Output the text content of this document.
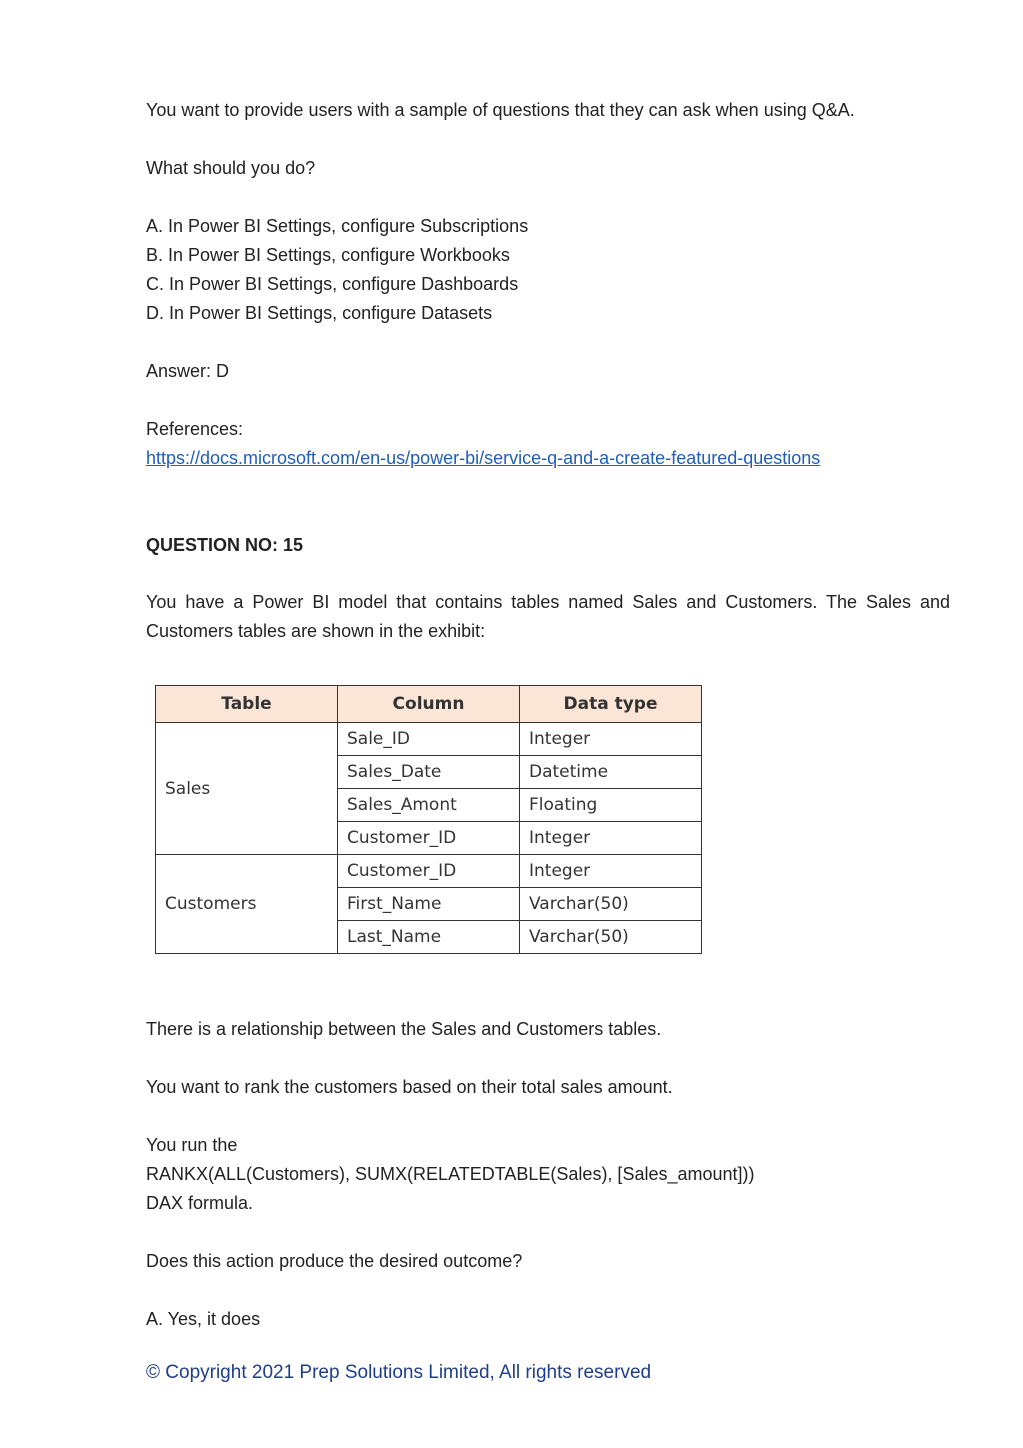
You want to provide users with a sample of questions that they can ask when using Q&A.
What should you do?
A. In Power BI Settings, configure Subscriptions
B. In Power BI Settings, configure Workbooks
C. In Power BI Settings, configure Dashboards
D. In Power BI Settings, configure Datasets
Answer: D
References:
https://docs.microsoft.com/en-us/power-bi/service-q-and-a-create-featured-questions
QUESTION NO: 15
You have a Power BI model that contains tables named Sales and Customers. The Sales and Customers tables are shown in the exhibit:
Table	Column	Data type
Sales	Sale_ID	Integer
	Sales_Date	Datetime
	Sales_Amont	Floating
	Customer_ID	Integer
Customers	Customer_ID	Integer
	First_Name	Varchar(50)
	Last_Name	Varchar(50)
There is a relationship between the Sales and Customers tables.
You want to rank the customers based on their total sales amount.
You run the
RANKX(ALL(Customers), SUMX(RELATEDTABLE(Sales), [Sales_amount]))
DAX formula.
Does this action produce the desired outcome?
A. Yes, it does
© Copyright 2021 Prep Solutions Limited, All rights reserved
